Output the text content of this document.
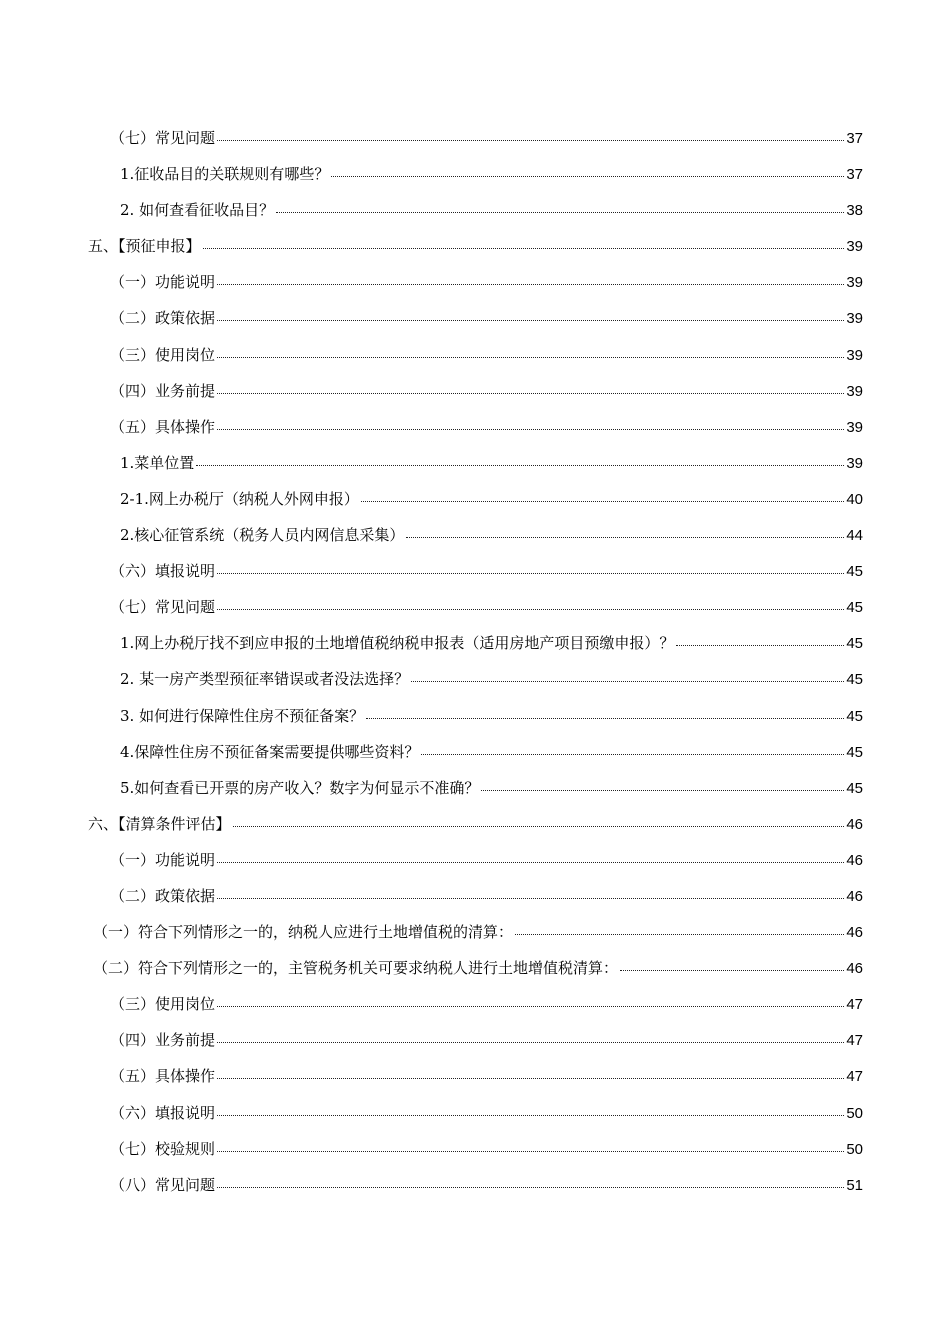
（七）常见问题	37
1.征收品目的关联规则有哪些？	37
2. 如何查看征收品目？	38
五、【预征申报】	39
（一）功能说明	39
（二）政策依据	39
（三）使用岗位	39
（四）业务前提	39
（五）具体操作	39
1.菜单位置	39
2-1.网上办税厅（纳税人外网申报）	40
2.核心征管系统（税务人员内网信息采集）	44
（六）填报说明	45
（七）常见问题	45
1.网上办税厅找不到应申报的土地增值税纳税申报表（适用房地产项目预缴申报）？	45
2. 某一房产类型预征率错误或者没法选择？	45
3. 如何进行保障性住房不预征备案？	45
4.保障性住房不预征备案需要提供哪些资料？	45
5.如何查看已开票的房产收入？数字为何显示不准确？	45
六、【清算条件评估】	46
（一）功能说明	46
（二）政策依据	46
（一）符合下列情形之一的，纳税人应进行土地增值税的清算：	46
（二）符合下列情形之一的，主管税务机关可要求纳税人进行土地增值税清算：	46
（三）使用岗位	47
（四）业务前提	47
（五）具体操作	47
（六）填报说明	50
（七）校验规则	50
（八）常见问题	51
